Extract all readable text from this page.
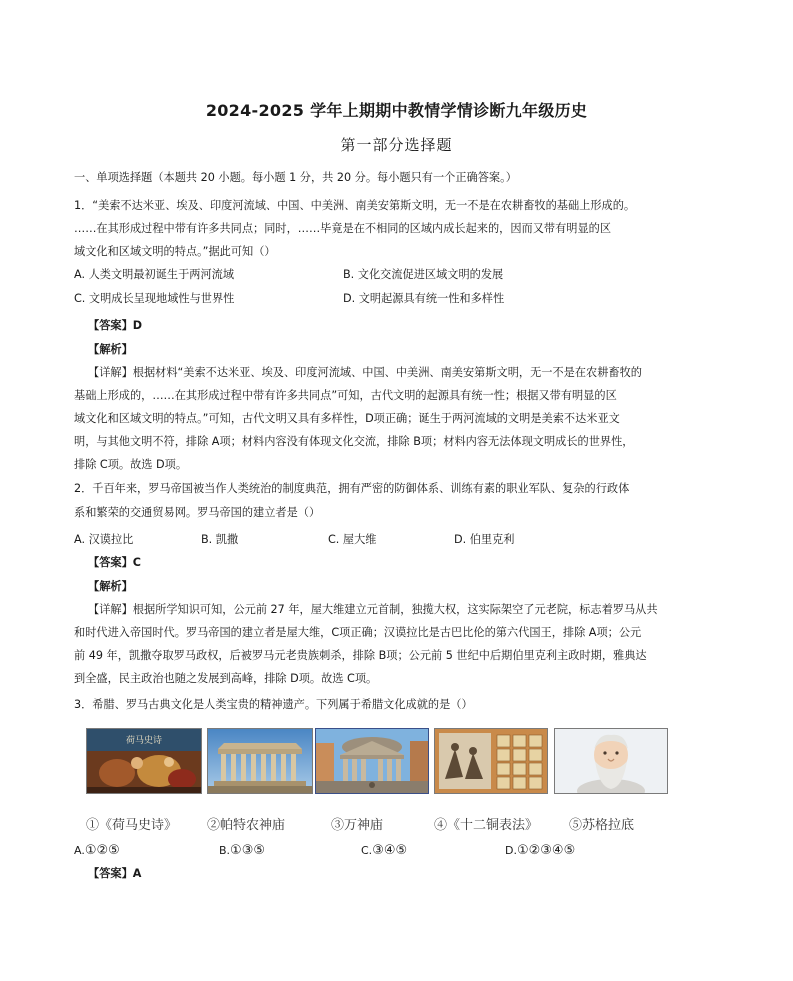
2024-2025 学年上期期中教情学情诊断九年级历史
第一部分选择题
一、单项选择题（本题共 20 小题。每小题 1 分，共 20 分。每小题只有一个正确答案。）
1．“美索不达米亚、埃及、印度河流域、中国、中美洲、南美安第斯文明，无一不是在农耕畜牧的基础上形成的。
……在其形成过程中带有许多共同点；同时，……毕竟是在不相同的区域内成长起来的，因而又带有明显的区
域文化和区域文明的特点。”据此可知（）
A. 人类文明最初诞生于两河流域	B. 文化交流促进区域文明的发展
C. 文明成长呈现地域性与世界性	D. 文明起源具有统一性和多样性
【答案】D
【解析】
【详解】根据材料“美索不达米亚、埃及、印度河流域、中国、中美洲、南美安第斯文明，无一不是在农耕畜牧的
基础上形成的，……在其形成过程中带有许多共同点”可知，古代文明的起源具有统一性；根据又带有明显的区
域文化和区域文明的特点。”可知，古代文明又具有多样性，D项正确；诞生于两河流域的文明是美索不达米亚文
明，与其他文明不符，排除 A项；材料内容没有体现文化交流，排除 B项；材料内容无法体现文明成长的世界性，
排除 C项。故选 D项。
2．千百年来，罗马帝国被当作人类统治的制度典范，拥有严密的防御体系、训练有素的职业军队、复杂的行政体
系和繁荣的交通贸易网。罗马帝国的建立者是（）
A. 汉谟拉比	B. 凯撒	C. 屋大维	D. 伯里克利
【答案】C
【解析】
【详解】根据所学知识可知，公元前 27 年，屋大维建立元首制，独揽大权，这实际架空了元老院，标志着罗马从共
和时代进入帝国时代。罗马帝国的建立者是屋大维，C项正确；汉谟拉比是古巴比伦的第六代国王，排除 A项；公元
前 49 年，凯撒夺取罗马政权，后被罗马元老贵族刺杀，排除 B项；公元前 5 世纪中后期伯里克利主政时期，雅典达
到全盛，民主政治也随之发展到高峰，排除 D项。故选 C项。
3．希腊、罗马古典文化是人类宝贵的精神遗产。下列属于希腊文化成就的是（）
荷马史诗
①《荷马史诗》 ②帕特农神庙	③万神庙	④《十二铜表法》 ⑤苏格拉底
A.①②⑤	B.①③⑤	C.③④⑤	D.①②③④⑤
【答案】A
